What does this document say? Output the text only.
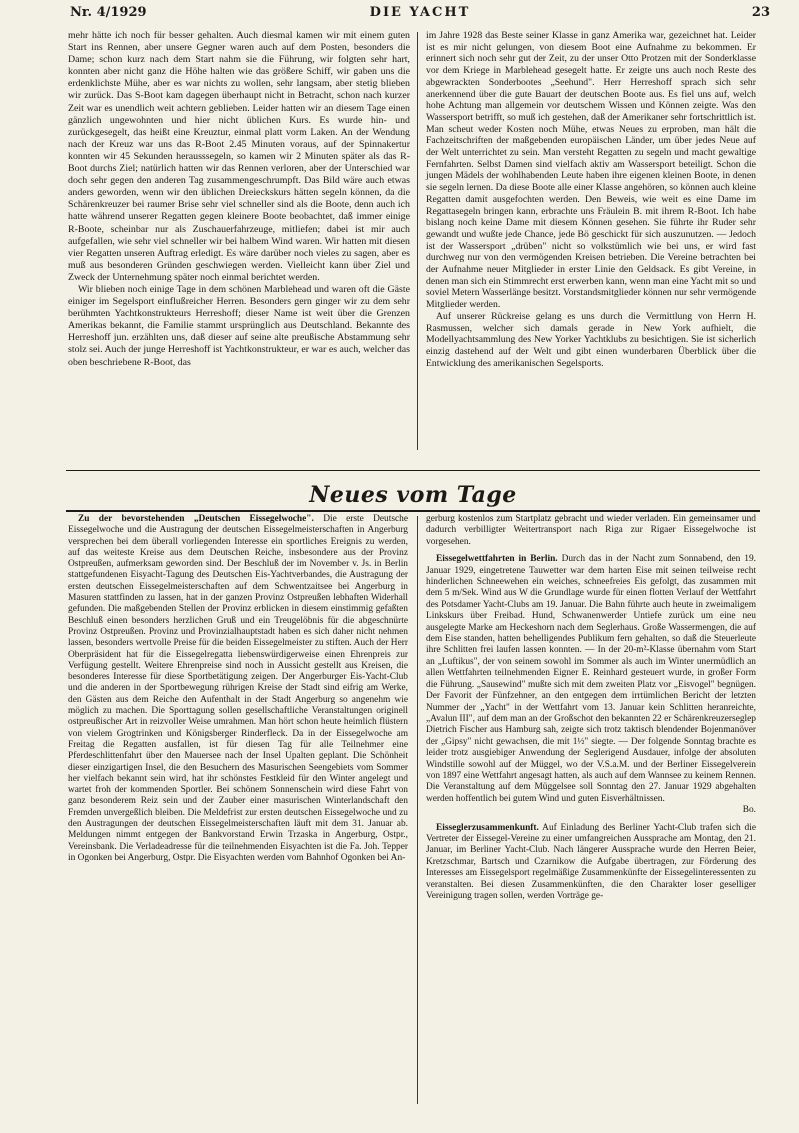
Nr. 4/1929	DIE YACHT	23

mehr hätte ich noch für besser gehalten. Auch diesmal kamen wir mit einem guten Start ins Rennen, aber unsere Gegner waren auch auf dem Posten, besonders die Dame; schon kurz nach dem Start nahm sie die Führung, wir folgten sehr hart, konnten aber nicht ganz die Höhe halten wie das größere Schiff, wir gaben uns die erdenklichste Mühe, aber es war nichts zu wollen, sehr langsam, aber stetig blieben wir zurück. Das S-Boot kam dagegen überhaupt nicht in Betracht, schon nach kurzer Zeit war es unendlich weit achtern geblieben. Leider hatten wir an diesem Tage einen gänzlich ungewohnten und hier nicht üblichen Kurs. Es wurde hin- und zurückgesegelt, das heißt eine Kreuztur, einmal platt vorm Laken. An der Wendung nach der Kreuz war uns das R-Boot 2.45 Minuten voraus, auf der Spinnakertur konnten wir 45 Sekunden herausssegeln, so kamen wir 2 Minuten später als das R-Boot durchs Ziel; natürlich hatten wir das Rennen verloren, aber der Unterschied war doch sehr gegen den anderen Tag zusammengeschrumpft. Das Bild wäre auch etwas anders geworden, wenn wir den üblichen Dreieckskurs hätten segeln können, da die Schärenkreuzer bei raumer Brise sehr viel schneller sind als die Boote, denn auch ich hatte während unserer Regatten gegen kleinere Boote beobachtet, daß immer einige R-Boote, scheinbar nur als Zuschauerfahrzeuge, mitliefen; dabei ist mir auch aufgefallen, wie sehr viel schneller wir bei halbem Wind waren. Wir hatten mit diesen vier Regatten unseren Auftrag erledigt. Es wäre darüber noch vieles zu sagen, aber es muß aus besonderen Gründen geschwiegen werden. Vielleicht kann über Ziel und Zweck der Unternehmung später noch einmal berichtet werden.

Wir blieben noch einige Tage in dem schönen Marblehead und waren oft die Gäste einiger im Segelsport einflußreicher Herren. Besonders gern ginger wir zu dem sehr berühmten Yachtkonstrukteurs Herreshoff; dieser Name ist weit über die Grenzen Amerikas bekannt, die Familie stammt ursprünglich aus Deutschland. Bekannte des Herreshoff jun. erzählten uns, daß dieser auf seine alte preußische Abstammung sehr stolz sei. Auch der junge Herreshoff ist Yachtkonstrukteur, er war es auch, welcher das oben beschriebene R-Boot, das

im Jahre 1928 das Beste seiner Klasse in ganz Amerika war, gezeichnet hat. Leider ist es mir nicht gelungen, von diesem Boot eine Aufnahme zu bekommen. Er erinnert sich noch sehr gut der Zeit, zu der unser Otto Protzen mit der Sonderklasse vor dem Kriege in Marblehead gesegelt hatte. Er zeigte uns auch noch Reste des abgewrackten Sonderbootes „Seehund". Herr Herreshoff sprach sich sehr anerkennend über die gute Bauart der deutschen Boote aus. Es fiel uns auf, welch hohe Achtung man allgemein vor deutschem Wissen und Können zeigte. Was den Wassersport betrifft, so muß ich gestehen, daß der Amerikaner sehr fortschrittlich ist. Man scheut weder Kosten noch Mühe, etwas Neues zu erproben, man hält die Fachzeitschriften der maßgebenden europäischen Länder, um über jedes Neue auf der Welt unterrichtet zu sein. Man versteht Regatten zu segeln und macht gewaltige Fernfahrten. Selbst Damen sind vielfach aktiv am Wassersport beteiligt. Schon die jungen Mädels der wohlhabenden Leute haben ihre eigenen kleinen Boote, in denen sie segeln lernen. Da diese Boote alle einer Klasse angehören, so können auch kleine Regatten damit ausgefochten werden. Den Beweis, wie weit es eine Dame im Regattasegeln bringen kann, erbrachte uns Fräulein B. mit ihrem R-Boot. Ich habe bislang noch keine Dame mit diesem Können gesehen. Sie führte ihr Ruder sehr gewandt und wußte jede Chance, jede Bö geschickt für sich auszunutzen. — Jedoch ist der Wassersport „drüben" nicht so volkstümlich wie bei uns, er wird fast durchweg nur von den vermögenden Kreisen betrieben. Die Vereine betrachten bei der Aufnahme neuer Mitglieder in erster Linie den Geldsack. Es gibt Vereine, in denen man sich ein Stimmrecht erst erwerben kann, wenn man eine Yacht mit so und soviel Metern Wasserlänge besitzt. Vorstandsmitglieder können nur sehr vermögende Mitglieder werden.

Auf unserer Rückreise gelang es uns durch die Vermittlung von Herrn H. Rasmussen, welcher sich damals gerade in New York aufhielt, die Modellyachtsammlung des New Yorker Yachtklubs zu besichtigen. Sie ist sicherlich einzig dastehend auf der Welt und gibt einen wunderbaren Überblick über die Entwicklung des amerikanischen Segelsports.

Neues vom Tage

Zu der bevorstehenden „Deutschen Eissegelwoche". Die erste Deutsche Eissegelwoche und die Austragung der deutschen Eissegelmeisterschaften in Angerburg versprechen bei dem überall vorliegenden Interesse ein sportliches Ereignis zu werden, auf das weiteste Kreise aus dem Deutschen Reiche, insbesondere aus der Provinz Ostpreußen, aufmerksam geworden sind. Der Beschluß der im November v. Js. in Berlin stattgefundenen Eisyacht-Tagung des Deutschen Eis-Yachtverbandes, die Austragung der ersten deutschen Eissegelmeisterschaften auf dem Schwentzaitsee bei Angerburg in Masuren stattfinden zu lassen, hat in der ganzen Provinz Ostpreußen lebhaften Widerhall gefunden. Die maßgebenden Stellen der Provinz erblicken in diesem einstimmig gefaßten Beschluß einen besonders herzlichen Gruß und ein Treugelöbnis für die abgeschnürte Provinz Ostpreußen. Provinz und Provinzialhauptstadt haben es sich daher nicht nehmen lassen, besonders wertvolle Preise für die beiden Eissegelmeister zu stiften. Auch der Herr Oberpräsident hat für die Eissegelregatta liebenswürdigerweise einen Ehrenpreis zur Verfügung gestellt. Weitere Ehrenpreise sind noch in Aussicht gestellt aus Kreisen, die besonderes Interesse für diese Sportbetätigung zeigen. Der Angerburger Eis-Yacht-Club und die anderen in der Sportbewegung rührigen Kreise der Stadt sind eifrig am Werke, den Gästen aus dem Reiche den Aufenthalt in der Stadt Angerburg so angenehm wie möglich zu machen. Die Sporttagung sollen gesellschaftliche Veranstaltungen originell ostpreußischer Art in reizvoller Weise umrahmen. Man hört schon heute heimlich flüstern von vielem Grogtrinken und Königsberger Rinderfleck. Da in der Eissegelwoche am Freitag die Regatten ausfallen, ist für diesen Tag für alle Teilnehmer eine Pferdeschlittenfahrt über den Mauersee nach der Insel Upalten geplant. Die Schönheit dieser einzigartigen Insel, die den Besuchern des Masurischen Seengebiets vom Sommer her vielfach bekannt sein wird, hat ihr schönstes Festkleid für den Winter angelegt und wartet froh der kommenden Sportler. Bei schönem Sonnenschein wird diese Fahrt von ganz besonderem Reiz sein und der Zauber einer masurischen Winterlandschaft den Fremden unvergeßlich bleiben. Die Meldefrist zur ersten deutschen Eissegelwoche und zu den Austragungen der deutschen Eissegelmeisterschaften läuft mit dem 31. Januar ab. Meldungen nimmt entgegen der Bankvorstand Erwin Trzaska in Angerburg, Ostpr., Vereinsbank. Die Verladeadresse für die teilnehmenden Eisyachten ist die Fa. Joh. Tepper in Ogonken bei Angerburg, Ostpr. Die Eisyachten werden vom Bahnhof Ogonken bei An-

gerburg kostenlos zum Startplatz gebracht und wieder verladen. Ein gemeinsamer und dadurch verbilligter Weitertransport nach Riga zur Rigaer Eissegelwoche ist vorgesehen.

Eissegelwettfahrten in Berlin. Durch das in der Nacht zum Sonnabend, den 19. Januar 1929, eingetretene Tauwetter war dem harten Eise mit seinen teilweise recht hinderlichen Schneewehen ein weiches, schneefreies Eis gefolgt, das zusammen mit dem 5 m/Sek. Wind aus W die Grundlage wurde für einen flotten Verlauf der Wettfahrt des Potsdamer Yacht-Clubs am 19. Januar. Die Bahn führte auch heute in zweimaligem Linkskurs über Freibad. Hund, Schwanenwerder Untiefe zurück um eine neu ausgelegte Marke am Heckeshorn nach dem Seglerhaus. Große Wassermengen, die auf dem Eise standen, hatten behelligendes Publikum fern gehalten, so daß die Steuerleute ihre Schlitten frei laufen lassen konnten. — In der 20-m²-Klasse übernahm vom Start an „Luftikus", der von seinem sowohl im Sommer als auch im Winter unermüdlich an allen Wettfahrten teilnehmenden Eigner E. Reinhard gesteuert wurde, in großer Form die Führung. „Sausewind" mußte sich mit dem zweiten Platz vor „Eisvogel" begnügen. Der Favorit der Fünfzehner, an den entgegen dem irrtümlichen Bericht der letzten Nummer der „Yacht" in der Wettfahrt vom 13. Januar kein Schlitten heranreichte, „Avalun III", auf dem man an der Großschot den bekannten 22 er Schärenkreuzerseglер Dietrich Fischer aus Hamburg sah, zeigte sich trotz taktisch blendender Bojenmanöver der „Gipsy" nicht gewachsen, die mit 1½" siegte. — Der folgende Sonntag brachte es leider trotz ausgiebiger Anwendung der Seglerigend Ausdauer, infolge der absoluten Windstille sowohl auf der Müggel, wo der V.S.a.M. und der Berliner Eissegelverein von 1897 eine Wettfahrt angesagt hatten, als auch auf dem Wannsee zu keinem Rennen. Die Veranstaltung auf dem Müggelsee soll Sonntag den 27. Januar 1929 abgehalten werden hoffentlich bei gutem Wind und guten Eisverhältnissen.

Bo.

Eisseglerzusammenkunft. Auf Einladung des Berliner Yacht-Club trafen sich die Vertreter der Eissegel-Vereine zu einer umfangreichen Aussprache am Montag, den 21. Januar, im Berliner Yacht-Club. Nach längerer Aussprache wurde den Herren Beier, Kretzschmar, Bartsch und Czarnikow die Aufgabe übertragen, zur Förderung des Interesses am Eissegelsport regelmäßige Zusammenkünfte der Eissegelinteressenten zu veranstalten. Bei diesen Zusammenkünften, die den Charakter loser geselliger Vereinigung tragen sollen, werden Vorträge ge-
